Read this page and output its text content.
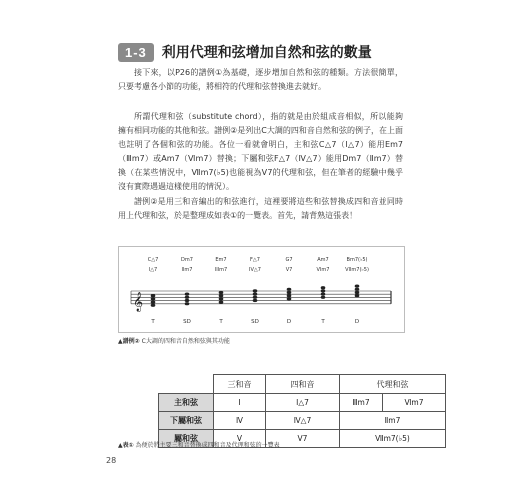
1-3	利用代理和弦增加自然和弦的數量

接下來，以P26的譜例①為基礎，逐步增加自然和弦的種類。方法很簡單，只要考慮各小節的功能，將相符的代理和弦替換進去就好。

所謂代理和弦（substitute chord），指的就是由於組成音相似，所以能夠擁有相同功能的其他和弦。譜例②是列出C大調的四和音自然和弦的例子，在上面也註明了各個和弦的功能。各位一看就會明白，主和弦C△7（I△7）能用Em7（Ⅲm7）或Am7（Ⅵm7）替換；下屬和弦F△7（Ⅳ△7）能用Dm7（Ⅱm7）替換（在某些情況中，Ⅶm7(♭5)也能視為Ⅴ7的代理和弦，但在筆者的經驗中幾乎沒有實際遇過這樣使用的情況）。

譜例②是用三和音編出的和弦進行，這裡要將這些和弦替換成四和音並同時用上代理和弦，於是整理成如表①的一覽表。首先，請背熟這張表！

𝄞
C△7
I△7
T
Dm7
IIm7
SD
Em7
IIIm7
T
F△7
IV△7
SD
G7
V7
D
Am7
VIm7
T
Bm7(♭5)
VIIm7(♭5)
D
▲譜例② C大調的四和音自然和弦與其功能
	三和音	四和音	代理和弦	
主和弦	Ⅰ	Ⅰ△7	Ⅲm7	Ⅵm7
下屬和弦	Ⅳ	Ⅳ△7	Ⅱm7	
屬和弦	Ⅴ	Ⅴ7	Ⅶm7(♭5)	
▲表① 為便於將主要三和音替換成四和音及代理和弦的一覽表
28
